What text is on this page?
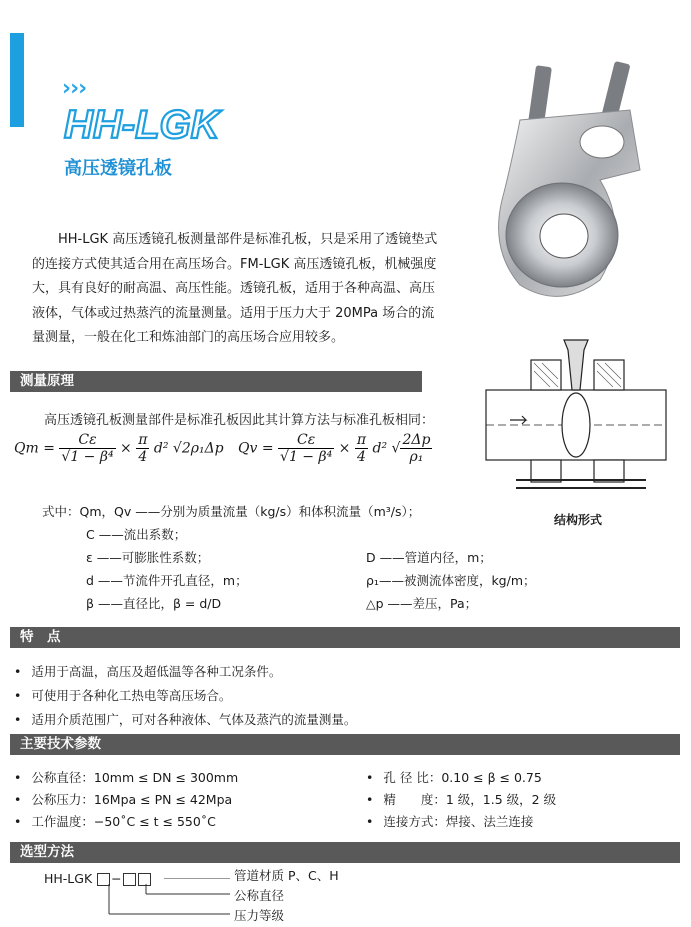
›››
HH-LGK
高压透镜孔板
HH-LGK 高压透镜孔板测量部件是标准孔板，只是采用了透镜垫式的连接方式使其适合用在高压场合。FM-LGK 高压透镜孔板，机械强度大，具有良好的耐高温、高压性能。透镜孔板，适用于各种高温、高压液体，气体或过热蒸汽的流量测量。适用于压力大于 20MPa 场合的流量测量，一般在化工和炼油部门的高压场合应用较多。
测量原理
高压透镜孔板测量部件是标准孔板因此其计算方法与标准孔板相同：
$Qm = \frac{C\varepsilon}{\text{√1 − β⁴}} \times \frac{\pi}{4} d^2$ √2ρ₁Δp $Qv = \frac{C\varepsilon}{\text{√1 − β⁴}} \times \frac{\pi}{4} d^2$ √ $\frac{2\Delta p}{\text{ρ₁}}$
式中：Qm，Qv ——分别为质量流量（kg/s）和体积流量（m³/s）；
C ——流出系数；
ε ——可膨胀性系数；
d ——节流件开孔直径，m；
β ——直径比，β = d/D
D ——管道内径，m；
ρ₁——被测流体密度，kg/m；
△p ——差压，Pa；
结构形式
特　点
• 适用于高温，高压及超低温等各种工况条件。
• 可使用于各种化工热电等高压场合。
• 适用介质范围广，可对各种液体、气体及蒸汽的流量测量。
主要技术参数
• 公称直径：10mm ≤ DN ≤ 300mm
• 公称压力：16Mpa ≤ PN ≤ 42Mpa
• 工作温度：−50˚C ≤ t ≤ 550˚C
• 孔 径 比：0.10 ≤ β ≤ 0.75
• 精　　度：1 级，1.5 级，2 级
• 连接方式：焊接、法兰连接
选型方法
HH-LGK −	管道材质 P、C、H
公称直径
压力等级
